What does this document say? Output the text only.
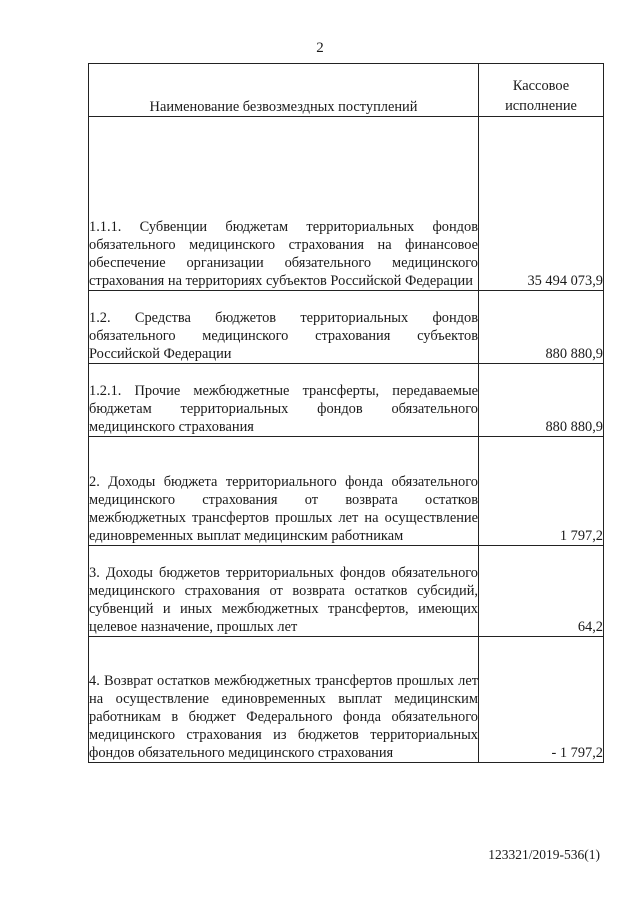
2
Наименование безвозмездных поступлений	Кассовое исполнение
1.1.1. Субвенции бюджетам территориальных фондов обязательного медицинского страхования на финансовое обеспечение организации обязательного медицинского страхования на территориях субъектов Российской Федерации	35 494 073,9
1.2. Средства бюджетов территориальных фондов обязательного медицинского страхования субъектов Российской Федерации	880 880,9
1.2.1. Прочие межбюджетные трансферты, передаваемые бюджетам территориальных фондов обязательного медицинского страхования	880 880,9
2. Доходы бюджета территориального фонда обязательного медицинского страхования от возврата остатков межбюджетных трансфертов прошлых лет на осуществление единовременных выплат медицинским работникам	1 797,2
3. Доходы бюджетов территориальных фондов обязательного медицинского страхования от возврата остатков субсидий, субвенций и иных межбюджетных трансфертов, имеющих целевое назначение, прошлых лет	64,2
4. Возврат остатков межбюджетных трансфертов прошлых лет на осуществление единовременных выплат медицинским работникам в бюджет Федерального фонда обязательного медицинского страхования из бюджетов территориальных фондов обязательного медицинского страхования	- 1 797,2
123321/2019-536(1)
